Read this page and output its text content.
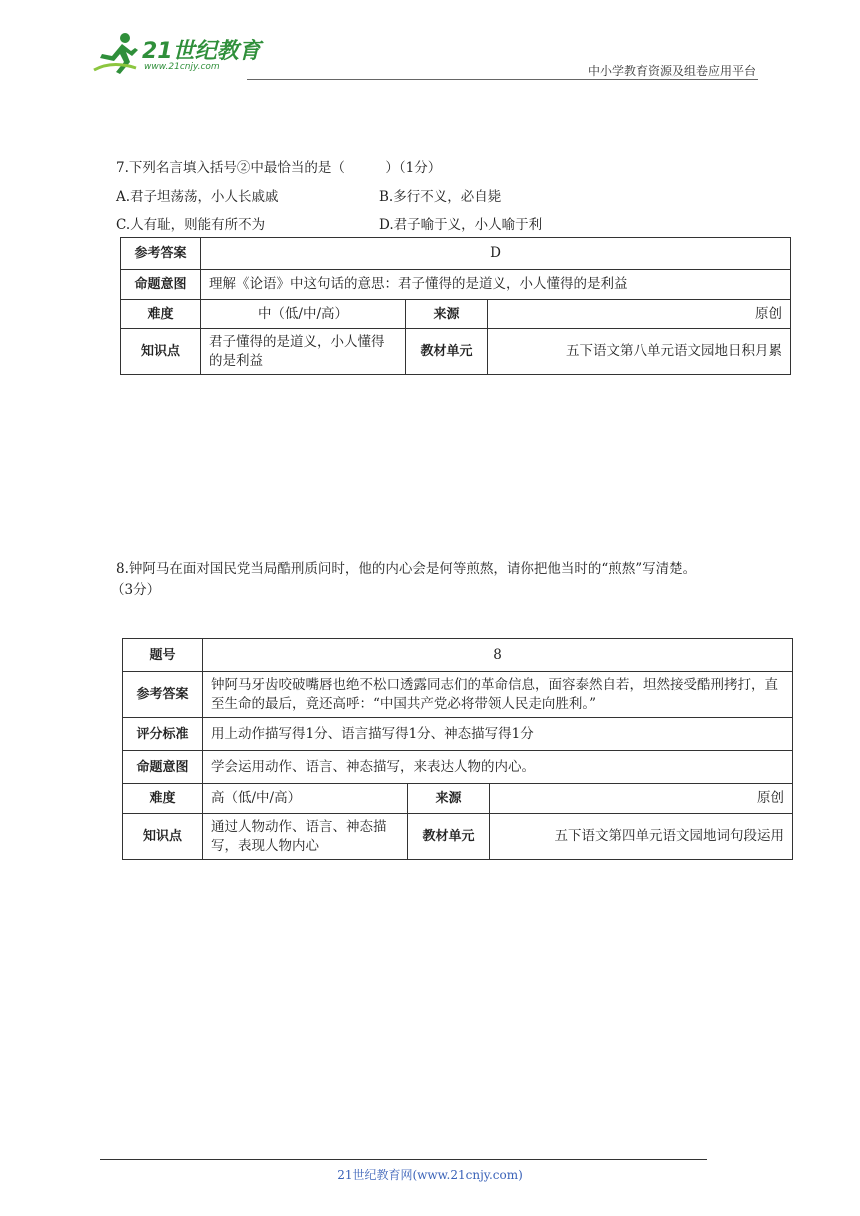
21世纪教育
www.21cnjy.com	中小学教育资源及组卷应用平台
7.下列名言填入括号②中最恰当的是（　　　）（1分）
A.君子坦荡荡，小人长戚戚	B.多行不义，必自毙
C.人有耻，则能有所不为	D.君子喻于义，小人喻于利
参考答案	D		
命题意图	理解《论语》中这句话的意思：君子懂得的是道义，小人懂得的是利益		
难度	中（低/中/高）	来源	原创
知识点	君子懂得的是道义，小人懂得的是利益	教材单元	五下语文第八单元语文园地日积月累
8.钟阿马在面对国民党当局酷刑质问时，他的内心会是何等煎熬，请你把他当时的“煎熬”写清楚。
（3分）
题号	8		
参考答案	钟阿马牙齿咬破嘴唇也绝不松口透露同志们的革命信息，面容泰然自若，坦然接受酷刑拷打，直至生命的最后，竟还高呼：“中国共产党必将带领人民走向胜利。”		
评分标准	用上动作描写得1分、语言描写得1分、神态描写得1分		
命题意图	学会运用动作、语言、神态描写，来表达人物的内心。		
难度	高（低/中/高）	来源	原创
知识点	通过人物动作、语言、神态描写，表现人物内心	教材单元	五下语文第四单元语文园地词句段运用
21世纪教育网(www.21cnjy.com)
